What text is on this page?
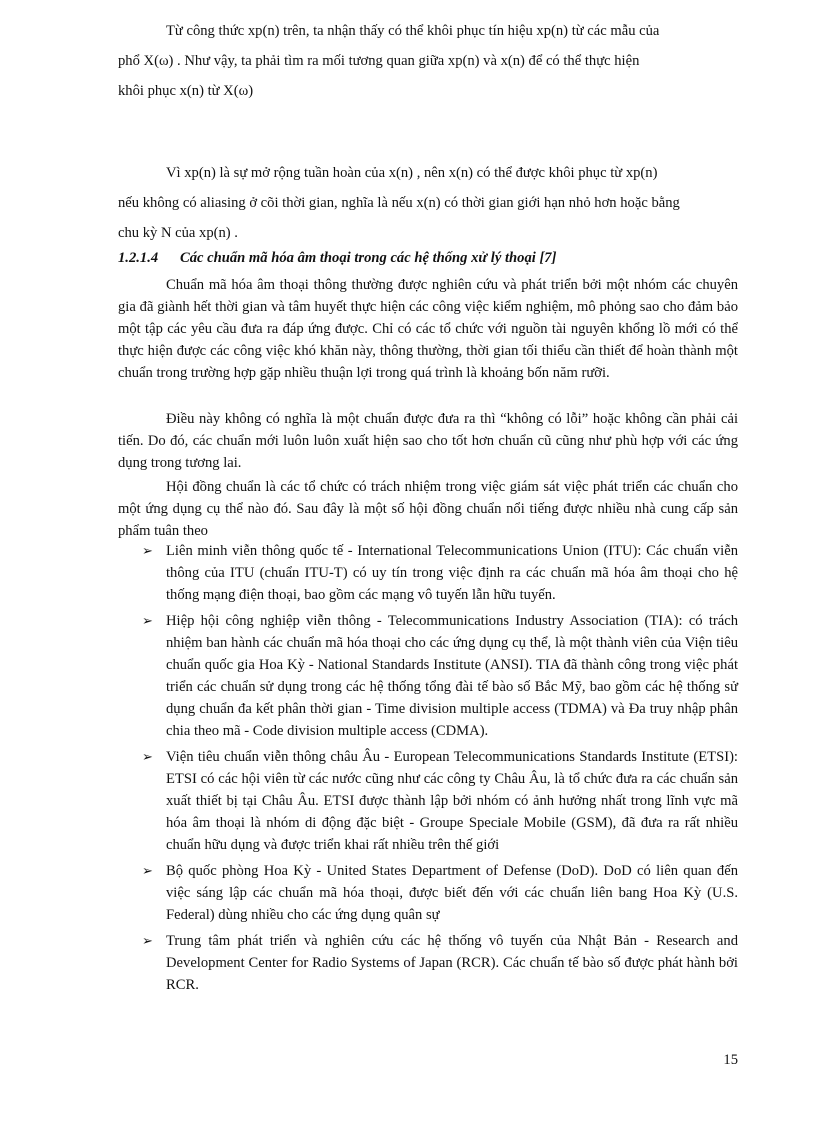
Từ công thức xp(n) trên, ta nhận thấy có thể khôi phục tín hiệu xp(n) từ các mẫu của
phổ X(ω) . Như vậy, ta phải tìm ra mối tương quan giữa xp(n) và x(n) để có thể thực hiện
khôi phục x(n) từ X(ω)

Vì xp(n) là sự mở rộng tuần hoàn của x(n) , nên x(n) có thể được khôi phục từ xp(n)
nếu không có aliasing ở cõi thời gian, nghĩa là nếu x(n) có thời gian giới hạn nhỏ hơn hoặc bằng
chu kỳ N của xp(n) .

1.2.1.4 Các chuẩn mã hóa âm thoại trong các hệ thống xử lý thoại [7]

Chuẩn mã hóa âm thoại thông thường được nghiên cứu và phát triển bởi một nhóm các chuyên gia đã giành hết thời gian và tâm huyết thực hiện các công việc kiểm nghiệm, mô phỏng sao cho đảm bảo một tập các yêu cầu đưa ra đáp ứng được. Chỉ có các tổ chức với nguồn tài nguyên khổng lồ mới có thể thực hiện được các công việc khó khăn này, thông thường, thời gian tối thiểu cần thiết để hoàn thành một chuẩn trong trường hợp gặp nhiều thuận lợi trong quá trình là khoảng bốn năm rưỡi.

Điều này không có nghĩa là một chuẩn được đưa ra thì “không có lỗi” hoặc không cần phải cải tiến. Do đó, các chuẩn mới luôn luôn xuất hiện sao cho tốt hơn chuẩn cũ cũng như phù hợp với các ứng dụng trong tương lai.

Hội đồng chuẩn là các tổ chức có trách nhiệm trong việc giám sát việc phát triển các chuẩn cho một ứng dụng cụ thể nào đó. Sau đây là một số hội đồng chuẩn nổi tiếng được nhiều nhà cung cấp sản phẩm tuân theo

➢ Liên minh viễn thông quốc tế - International Telecommunications Union (ITU): Các chuẩn viễn thông của ITU (chuẩn ITU-T) có uy tín trong việc định ra các chuẩn mã hóa âm thoại cho hệ thống mạng điện thoại, bao gồm các mạng vô tuyến lẫn hữu tuyến.
➢ Hiệp hội công nghiệp viễn thông - Telecommunications Industry Association (TIA): có trách nhiệm ban hành các chuẩn mã hóa thoại cho các ứng dụng cụ thể, là một thành viên của Viện tiêu chuẩn quốc gia Hoa Kỳ - National Standards Institute (ANSI). TIA đã thành công trong việc phát triển các chuẩn sử dụng trong các hệ thống tổng đài tế bào số Bắc Mỹ, bao gồm các hệ thống sử dụng chuẩn đa kết phân thời gian - Time division multiple access (TDMA) và Đa truy nhập phân chia theo mã - Code division multiple access (CDMA).
➢ Viện tiêu chuẩn viễn thông châu Âu - European Telecommunications Standards Institute (ETSI): ETSI có các hội viên từ các nước cũng như các công ty Châu Âu, là tổ chức đưa ra các chuẩn sản xuất thiết bị tại Châu Âu. ETSI được thành lập bởi nhóm có ảnh hưởng nhất trong lĩnh vực mã hóa âm thoại là nhóm di động đặc biệt - Groupe Speciale Mobile (GSM), đã đưa ra rất nhiều chuẩn hữu dụng và được triển khai rất nhiều trên thế giới
➢ Bộ quốc phòng Hoa Kỳ - United States Department of Defense (DoD). DoD có liên quan đến việc sáng lập các chuẩn mã hóa thoại, được biết đến với các chuẩn liên bang Hoa Kỳ (U.S. Federal) dùng nhiều cho các ứng dụng quân sự
➢ Trung tâm phát triển và nghiên cứu các hệ thống vô tuyến của Nhật Bản - Research and Development Center for Radio Systems of Japan (RCR). Các chuẩn tế bào số được phát hành bởi RCR.
15
